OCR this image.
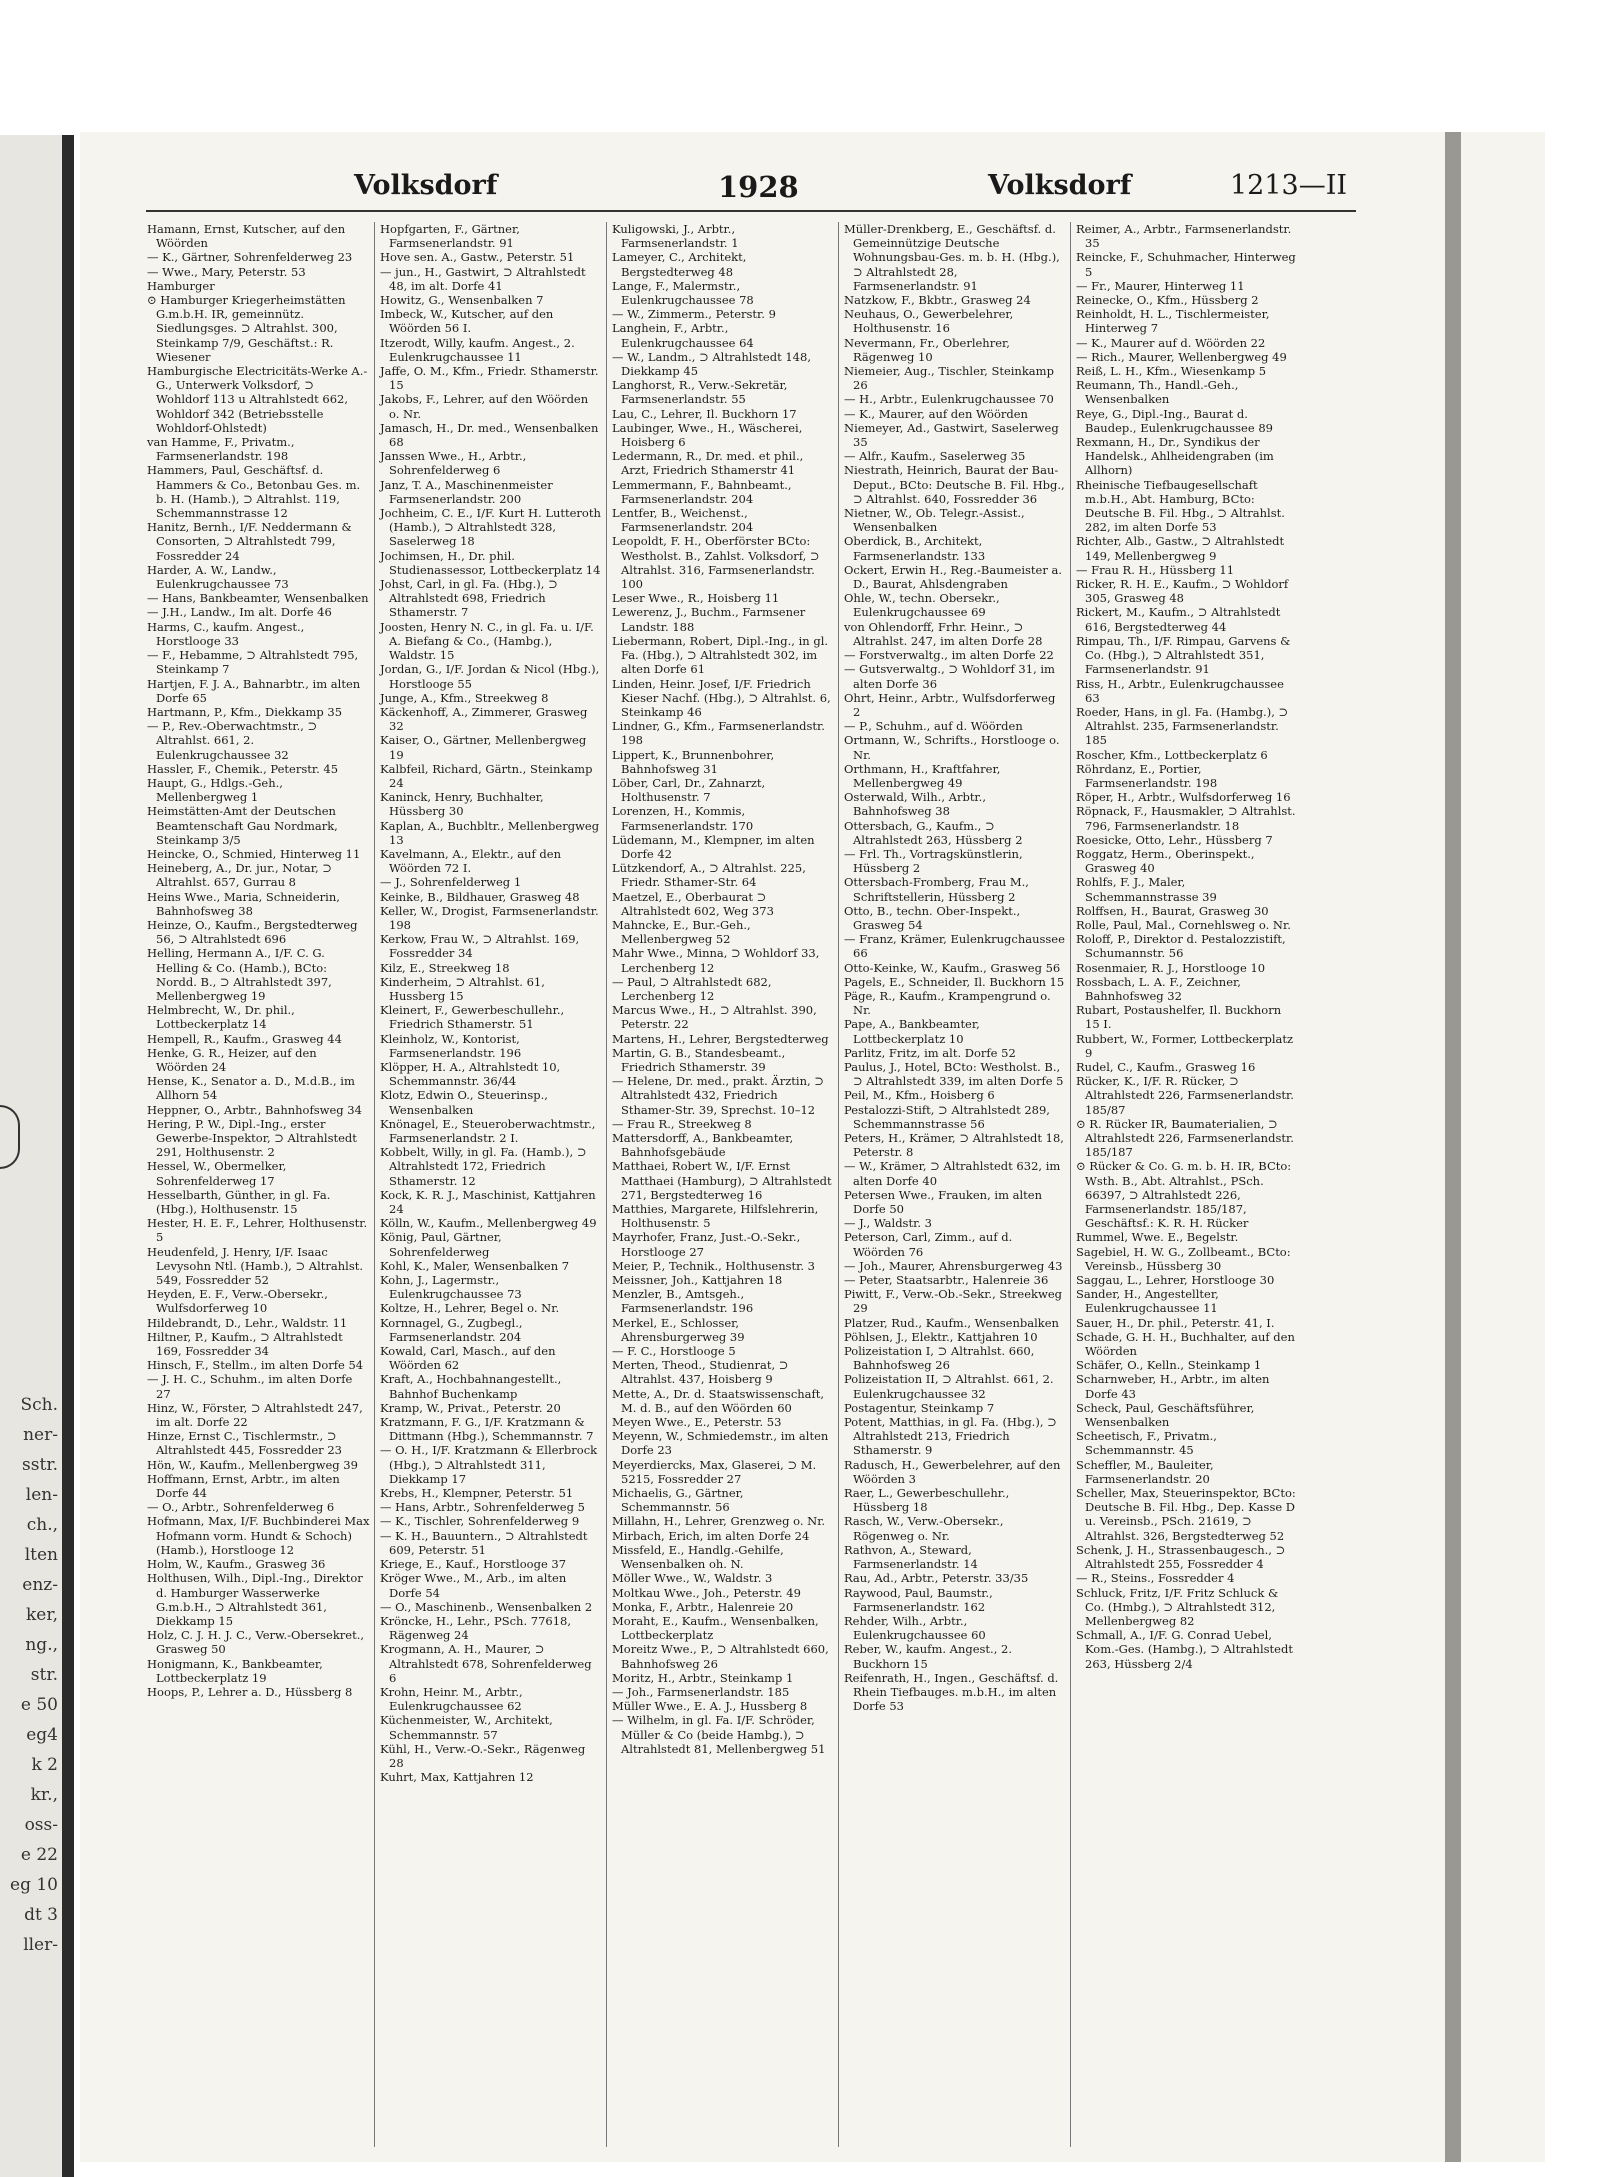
Sch.
ner-
sstr.
len-
ch.,
lten
enz-
ker,
ng.,
str.
e 50
eg4
k 2
kr.,
oss-
e 22
eg 10
dt 3
ller-
Volksdorf	1928	Volksdorf	1213—II

Hamann, Ernst, Kutscher, auf den Wöörden

— K., Gärtner, Sohrenfelderweg 23

— Wwe., Mary, Peterstr. 53

Hamburger

⊙ Hamburger Kriegerheimstätten G.m.b.H. IR, gemeinnütz. Siedlungsges. ⊃ Altrahlst. 300, Steinkamp 7/9, Geschäftst.: R. Wiesener

Hamburgische Electricitäts-Werke A.-G., Unterwerk Volksdorf, ⊃ Wohldorf 113 u Altrahlstedt 662, Wohldorf 342 (Betriebsstelle Wohldorf-Ohlstedt)

van Hamme, F., Privatm., Farmsenerlandstr. 198

Hammers, Paul, Geschäftsf. d. Hammers & Co., Betonbau Ges. m. b. H. (Hamb.), ⊃ Altrahlst. 119, Schemmannstrasse 12

Hanitz, Bernh., I/F. Neddermann & Consorten, ⊃ Altrahlstedt 799, Fossredder 24

Harder, A. W., Landw., Eulenkrugchaussee 73

— Hans, Bankbeamter, Wensenbalken

— J.H., Landw., Im alt. Dorfe 46

Harms, C., kaufm. Angest., Horstlooge 33

— F., Hebamme, ⊃ Altrahlstedt 795, Steinkamp 7

Hartjen, F. J. A., Bahnarbtr., im alten Dorfe 65

Hartmann, P., Kfm., Diekkamp 35

— P., Rev.-Oberwachtmstr., ⊃ Altrahlst. 661, 2. Eulenkrugchaussee 32

Hassler, F., Chemik., Peterstr. 45

Haupt, G., Hdlgs.-Geh., Mellenbergweg 1

Heimstätten-Amt der Deutschen Beamtenschaft Gau Nordmark, Steinkamp 3/5

Heincke, O., Schmied, Hinterweg 11

Heineberg, A., Dr. jur., Notar, ⊃ Altrahlst. 657, Gurrau 8

Heins Wwe., Maria, Schneiderin, Bahnhofsweg 38

Heinze, O., Kaufm., Bergstedterweg 56, ⊃ Altrahlstedt 696

Helling, Hermann A., I/F. C. G. Helling & Co. (Hamb.), BCto: Nordd. B., ⊃ Altrahlstedt 397, Mellenbergweg 19

Helmbrecht, W., Dr. phil., Lottbeckerplatz 14

Hempell, R., Kaufm., Grasweg 44

Henke, G. R., Heizer, auf den Wöörden 24

Hense, K., Senator a. D., M.d.B., im Allhorn 54

Heppner, O., Arbtr., Bahnhofsweg 34

Hering, P. W., Dipl.-Ing., erster Gewerbe-Inspektor, ⊃ Altrahlstedt 291, Holthusenstr. 2

Hessel, W., Obermelker, Sohrenfelderweg 17

Hesselbarth, Günther, in gl. Fa. (Hbg.), Holthusenstr. 15

Hester, H. E. F., Lehrer, Holthusenstr. 5

Heudenfeld, J. Henry, I/F. Isaac Levysohn Ntl. (Hamb.), ⊃ Altrahlst. 549, Fossredder 52

Heyden, E. F., Verw.-Obersekr., Wulfsdorferweg 10

Hildebrandt, D., Lehr., Waldstr. 11

Hiltner, P., Kaufm., ⊃ Altrahlstedt 169, Fossredder 34

Hinsch, F., Stellm., im alten Dorfe 54

— J. H. C., Schuhm., im alten Dorfe 27

Hinz, W., Förster, ⊃ Altrahlstedt 247, im alt. Dorfe 22

Hinze, Ernst C., Tischlermstr., ⊃ Altrahlstedt 445, Fossredder 23

Hön, W., Kaufm., Mellenbergweg 39

Hoffmann, Ernst, Arbtr., im alten Dorfe 44

— O., Arbtr., Sohrenfelderweg 6

Hofmann, Max, I/F. Buchbinderei Max Hofmann vorm. Hundt & Schoch) (Hamb.), Horstlooge 12

Holm, W., Kaufm., Grasweg 36

Holthusen, Wilh., Dipl.-Ing., Direktor d. Hamburger Wasserwerke G.m.b.H., ⊃ Altrahlstedt 361, Diekkamp 15

Holz, C. J. H. J. C., Verw.-Obersekret., Grasweg 50

Honigmann, K., Bankbeamter, Lottbeckerplatz 19

Hoops, P., Lehrer a. D., Hüssberg 8

Hopfgarten, F., Gärtner, Farmsenerlandstr. 91

Hove sen. A., Gastw., Peterstr. 51

— jun., H., Gastwirt, ⊃ Altrahlstedt 48, im alt. Dorfe 41

Howitz, G., Wensenbalken 7

Imbeck, W., Kutscher, auf den Wöörden 56 I.

Itzerodt, Willy, kaufm. Angest., 2. Eulenkrugchaussee 11

Jaffe, O. M., Kfm., Friedr. Sthamerstr. 15

Jakobs, F., Lehrer, auf den Wöörden o. Nr.

Jamasch, H., Dr. med., Wensenbalken 68

Janssen Wwe., H., Arbtr., Sohrenfelderweg 6

Janz, T. A., Maschinenmeister Farmsenerlandstr. 200

Jochheim, C. E., I/F. Kurt H. Lutteroth (Hamb.), ⊃ Altrahlstedt 328, Saselerweg 18

Jochimsen, H., Dr. phil. Studienassessor, Lottbeckerplatz 14

Johst, Carl, in gl. Fa. (Hbg.), ⊃ Altrahlstedt 698, Friedrich Sthamerstr. 7

Joosten, Henry N. C., in gl. Fa. u. I/F. A. Biefang & Co., (Hambg.), Waldstr. 15

Jordan, G., I/F. Jordan & Nicol (Hbg.), Horstlooge 55

Junge, A., Kfm., Streekweg 8

Käckenhoff, A., Zimmerer, Grasweg 32

Kaiser, O., Gärtner, Mellenbergweg 19

Kalbfeil, Richard, Gärtn., Steinkamp 24

Kaninck, Henry, Buchhalter, Hüssberg 30

Kaplan, A., Buchbltr., Mellenbergweg 13

Kavelmann, A., Elektr., auf den Wöörden 72 I.

— J., Sohrenfelderweg 1

Keinke, B., Bildhauer, Grasweg 48

Keller, W., Drogist, Farmsenerlandstr. 198

Kerkow, Frau W., ⊃ Altrahlst. 169, Fossredder 34

Kilz, E., Streekweg 18

Kinderheim, ⊃ Altrahlst. 61, Hussberg 15

Kleinert, F., Gewerbeschullehr., Friedrich Sthamerstr. 51

Kleinholz, W., Kontorist, Farmsenerlandstr. 196

Klöpper, H. A., Altrahlstedt 10, Schemmannstr. 36/44

Klotz, Edwin O., Steuerinsp., Wensenbalken

Knönagel, E., Steueroberwachtmstr., Farmsenerlandstr. 2 I.

Kobbelt, Willy, in gl. Fa. (Hamb.), ⊃ Altrahlstedt 172, Friedrich Sthamerstr. 12

Kock, K. R. J., Maschinist, Kattjahren 24

Kölln, W., Kaufm., Mellenbergweg 49

König, Paul, Gärtner, Sohrenfelderweg

Kohl, K., Maler, Wensenbalken 7

Kohn, J., Lagermstr., Eulenkrugchaussee 73

Koltze, H., Lehrer, Begel o. Nr.

Kornnagel, G., Zugbegl., Farmsenerlandstr. 204

Kowald, Carl, Masch., auf den Wöörden 62

Kraft, A., Hochbahnangestellt., Bahnhof Buchenkamp

Kramp, W., Privat., Peterstr. 20

Kratzmann, F. G., I/F. Kratzmann & Dittmann (Hbg.), Schemmannstr. 7

— O. H., I/F. Kratzmann & Ellerbrock (Hbg.), ⊃ Altrahlstedt 311, Diekkamp 17

Krebs, H., Klempner, Peterstr. 51

— Hans, Arbtr., Sohrenfelderweg 5

— K., Tischler, Sohrenfelderweg 9

— K. H., Bauuntern., ⊃ Altrahlstedt 609, Peterstr. 51

Kriege, E., Kauf., Horstlooge 37

Kröger Wwe., M., Arb., im alten Dorfe 54

— O., Maschinenb., Wensenbalken 2

Kröncke, H., Lehr., PSch. 77618, Rägenweg 24

Krogmann, A. H., Maurer, ⊃ Altrahlstedt 678, Sohrenfelderweg 6

Krohn, Heinr. M., Arbtr., Eulenkrugchaussee 62

Küchenmeister, W., Architekt, Schemmannstr. 57

Kühl, H., Verw.-O.-Sekr., Rägenweg 28

Kuhrt, Max, Kattjahren 12

Kuligowski, J., Arbtr., Farmsenerlandstr. 1

Lameyer, C., Architekt, Bergstedterweg 48

Lange, F., Malermstr., Eulenkrugchaussee 78

— W., Zimmerm., Peterstr. 9

Langhein, F., Arbtr., Eulenkrugchaussee 64

— W., Landm., ⊃ Altrahlstedt 148, Diekkamp 45

Langhorst, R., Verw.-Sekretär, Farmsenerlandstr. 55

Lau, C., Lehrer, Il. Buckhorn 17

Laubinger, Wwe., H., Wäscherei, Hoisberg 6

Ledermann, R., Dr. med. et phil., Arzt, Friedrich Sthamerstr 41

Lemmermann, F., Bahnbeamt., Farmsenerlandstr. 204

Lentfer, B., Weichenst., Farmsenerlandstr. 204

Leopoldt, F. H., Oberförster BCto: Westholst. B., Zahlst. Volksdorf, ⊃ Altrahlst. 316, Farmsenerlandstr. 100

Leser Wwe., R., Hoisberg 11

Lewerenz, J., Buchm., Farmsener Landstr. 188

Liebermann, Robert, Dipl.-Ing., in gl. Fa. (Hbg.), ⊃ Altrahlstedt 302, im alten Dorfe 61

Linden, Heinr. Josef, I/F. Friedrich Kieser Nachf. (Hbg.), ⊃ Altrahlst. 6, Steinkamp 46

Lindner, G., Kfm., Farmsenerlandstr. 198

Lippert, K., Brunnenbohrer, Bahnhofsweg 31

Löber, Carl, Dr., Zahnarzt, Holthusenstr. 7

Lorenzen, H., Kommis, Farmsenerlandstr. 170

Lüdemann, M., Klempner, im alten Dorfe 42

Lützkendorf, A., ⊃ Altrahlst. 225, Friedr. Sthamer-Str. 64

Maetzel, E., Oberbaurat ⊃ Altrahlstedt 602, Weg 373

Mahncke, E., Bur.-Geh., Mellenbergweg 52

Mahr Wwe., Minna, ⊃ Wohldorf 33, Lerchenberg 12

— Paul, ⊃ Altrahlstedt 682, Lerchenberg 12

Marcus Wwe., H., ⊃ Altrahlst. 390, Peterstr. 22

Martens, H., Lehrer, Bergstedterweg

Martin, G. B., Standesbeamt., Friedrich Sthamerstr. 39

— Helene, Dr. med., prakt. Ärztin, ⊃ Altrahlstedt 432, Friedrich Sthamer-Str. 39, Sprechst. 10–12

— Frau R., Streekweg 8

Mattersdorff, A., Bankbeamter, Bahnhofsgebäude

Matthaei, Robert W., I/F. Ernst Matthaei (Hamburg), ⊃ Altrahlstedt 271, Bergstedterweg 16

Matthies, Margarete, Hilfslehrerin, Holthusenstr. 5

Mayrhofer, Franz, Just.-O.-Sekr., Horstlooge 27

Meier, P., Technik., Holthusenstr. 3

Meissner, Joh., Kattjahren 18

Menzler, B., Amtsgeh., Farmsenerlandstr. 196

Merkel, E., Schlosser, Ahrensburgerweg 39

— F. C., Horstlooge 5

Merten, Theod., Studienrat, ⊃ Altrahlst. 437, Hoisberg 9

Mette, A., Dr. d. Staatswissenschaft, M. d. B., auf den Wöörden 60

Meyen Wwe., E., Peterstr. 53

Meyenn, W., Schmiedemstr., im alten Dorfe 23

Meyerdiercks, Max, Glaserei, ⊃ M. 5215, Fossredder 27

Michaelis, G., Gärtner, Schemmannstr. 56

Millahn, H., Lehrer, Grenzweg o. Nr.

Mirbach, Erich, im alten Dorfe 24

Missfeld, E., Handlg.-Gehilfe, Wensenbalken oh. N.

Möller Wwe., W., Waldstr. 3

Moltkau Wwe., Joh., Peterstr. 49

Monka, F., Arbtr., Halenreie 20

Moraht, E., Kaufm., Wensenbalken, Lottbeckerplatz

Moreitz Wwe., P., ⊃ Altrahlstedt 660, Bahnhofsweg 26

Moritz, H., Arbtr., Steinkamp 1

— Joh., Farmsenerlandstr. 185

Müller Wwe., E. A. J., Hussberg 8

— Wilhelm, in gl. Fa. I/F. Schröder, Müller & Co (beide Hambg.), ⊃ Altrahlstedt 81, Mellenbergweg 51

Müller-Drenkberg, E., Geschäftsf. d. Gemeinnützige Deutsche Wohnungsbau-Ges. m. b. H. (Hbg.), ⊃ Altrahlstedt 28, Farmsenerlandstr. 91

Natzkow, F., Bkbtr., Grasweg 24

Neuhaus, O., Gewerbelehrer, Holthusenstr. 16

Nevermann, Fr., Oberlehrer, Rägenweg 10

Niemeier, Aug., Tischler, Steinkamp 26

— H., Arbtr., Eulenkrugchaussee 70

— K., Maurer, auf den Wöörden

Niemeyer, Ad., Gastwirt, Saselerweg 35

— Alfr., Kaufm., Saselerweg 35

Niestrath, Heinrich, Baurat der Bau-Deput., BCto: Deutsche B. Fil. Hbg., ⊃ Altrahlst. 640, Fossredder 36

Nietner, W., Ob. Telegr.-Assist., Wensenbalken

Oberdick, B., Architekt, Farmsenerlandstr. 133

Ockert, Erwin H., Reg.-Baumeister a. D., Baurat, Ahlsdengraben

Ohle, W., techn. Obersekr., Eulenkrugchaussee 69

von Ohlendorff, Frhr. Heinr., ⊃ Altrahlst. 247, im alten Dorfe 28

— Forstverwaltg., im alten Dorfe 22

— Gutsverwaltg., ⊃ Wohldorf 31, im alten Dorfe 36

Ohrt, Heinr., Arbtr., Wulfsdorferweg 2

— P., Schuhm., auf d. Wöörden

Ortmann, W., Schrifts., Horstlooge o. Nr.

Orthmann, H., Kraftfahrer, Mellenbergweg 49

Osterwald, Wilh., Arbtr., Bahnhofsweg 38

Ottersbach, G., Kaufm., ⊃ Altrahlstedt 263, Hüssberg 2

— Frl. Th., Vortragskünstlerin, Hüssberg 2

Ottersbach-Fromberg, Frau M., Schriftstellerin, Hüssberg 2

Otto, B., techn. Ober-Inspekt., Grasweg 54

— Franz, Krämer, Eulenkrugchaussee 66

Otto-Keinke, W., Kaufm., Grasweg 56

Pagels, E., Schneider, Il. Buckhorn 15

Päge, R., Kaufm., Krampengrund o. Nr.

Pape, A., Bankbeamter, Lottbeckerplatz 10

Parlitz, Fritz, im alt. Dorfe 52

Paulus, J., Hotel, BCto: Westholst. B., ⊃ Altrahlstedt 339, im alten Dorfe 5

Peil, M., Kfm., Hoisberg 6

Pestalozzi-Stift, ⊃ Altrahlstedt 289, Schemmannstrasse 56

Peters, H., Krämer, ⊃ Altrahlstedt 18, Peterstr. 8

— W., Krämer, ⊃ Altrahlstedt 632, im alten Dorfe 40

Petersen Wwe., Frauken, im alten Dorfe 50

— J., Waldstr. 3

Peterson, Carl, Zimm., auf d. Wöörden 76

— Joh., Maurer, Ahrensburgerweg 43

— Peter, Staatsarbtr., Halenreie 36

Piwitt, F., Verw.-Ob.-Sekr., Streekweg 29

Platzer, Rud., Kaufm., Wensenbalken

Pöhlsen, J., Elektr., Kattjahren 10

Polizeistation I, ⊃ Altrahlst. 660, Bahnhofsweg 26

Polizeistation II, ⊃ Altrahlst. 661, 2. Eulenkrugchaussee 32

Postagentur, Steinkamp 7

Potent, Matthias, in gl. Fa. (Hbg.), ⊃ Altrahlstedt 213, Friedrich Sthamerstr. 9

Radusch, H., Gewerbelehrer, auf den Wöörden 3

Raer, L., Gewerbeschullehr., Hüssberg 18

Rasch, W., Verw.-Obersekr., Rögenweg o. Nr.

Rathvon, A., Steward, Farmsenerlandstr. 14

Rau, Ad., Arbtr., Peterstr. 33/35

Raywood, Paul, Baumstr., Farmsenerlandstr. 162

Rehder, Wilh., Arbtr., Eulenkrugchaussee 60

Reber, W., kaufm. Angest., 2. Buckhorn 15

Reifenrath, H., Ingen., Geschäftsf. d. Rhein Tiefbauges. m.b.H., im alten Dorfe 53

Reimer, A., Arbtr., Farmsenerlandstr. 35

Reincke, F., Schuhmacher, Hinterweg 5

— Fr., Maurer, Hinterweg 11

Reinecke, O., Kfm., Hüssberg 2

Reinholdt, H. L., Tischlermeister, Hinterweg 7

— K., Maurer auf d. Wöörden 22

— Rich., Maurer, Wellenbergweg 49

Reiß, L. H., Kfm., Wiesenkamp 5

Reumann, Th., Handl.-Geh., Wensenbalken

Reye, G., Dipl.-Ing., Baurat d. Baudep., Eulenkrugchaussee 89

Rexmann, H., Dr., Syndikus der Handelsk., Ahlheidengraben (im Allhorn)

Rheinische Tiefbaugesellschaft m.b.H., Abt. Hamburg, BCto: Deutsche B. Fil. Hbg., ⊃ Altrahlst. 282, im alten Dorfe 53

Richter, Alb., Gastw., ⊃ Altrahlstedt 149, Mellenbergweg 9

— Frau R. H., Hüssberg 11

Ricker, R. H. E., Kaufm., ⊃ Wohldorf 305, Grasweg 48

Rickert, M., Kaufm., ⊃ Altrahlstedt 616, Bergstedterweg 44

Rimpau, Th., I/F. Rimpau, Garvens & Co. (Hbg.), ⊃ Altrahlstedt 351, Farmsenerlandstr. 91

Riss, H., Arbtr., Eulenkrugchaussee 63

Roeder, Hans, in gl. Fa. (Hambg.), ⊃ Altrahlst. 235, Farmsenerlandstr. 185

Roscher, Kfm., Lottbeckerplatz 6

Röhrdanz, E., Portier, Farmsenerlandstr. 198

Röper, H., Arbtr., Wulfsdorferweg 16

Röpnack, F., Hausmakler, ⊃ Altrahlst. 796, Farmsenerlandstr. 18

Roesicke, Otto, Lehr., Hüssberg 7

Roggatz, Herm., Oberinspekt., Grasweg 40

Rohlfs, F. J., Maler, Schemmannstrasse 39

Rolffsen, H., Baurat, Grasweg 30

Rolle, Paul, Mal., Cornehlsweg o. Nr.

Roloff, P., Direktor d. Pestalozzistift, Schumannstr. 56

Rosenmaier, R. J., Horstlooge 10

Rossbach, L. A. F., Zeichner, Bahnhofsweg 32

Rubart, Postaushelfer, Il. Buckhorn 15 I.

Rubbert, W., Former, Lottbeckerplatz 9

Rudel, C., Kaufm., Grasweg 16

Rücker, K., I/F. R. Rücker, ⊃ Altrahlstedt 226, Farmsenerlandstr. 185/87

⊙ R. Rücker IR, Baumaterialien, ⊃ Altrahlstedt 226, Farmsenerlandstr. 185/187

⊙ Rücker & Co. G. m. b. H. IR, BCto: Wsth. B., Abt. Altrahlst., PSch. 66397, ⊃ Altrahlstedt 226, Farmsenerlandstr. 185/187, Geschäftsf.: K. R. H. Rücker

Rummel, Wwe. E., Begelstr.

Sagebiel, H. W. G., Zollbeamt., BCto: Vereinsb., Hüssberg 30

Saggau, L., Lehrer, Horstlooge 30

Sander, H., Angestellter, Eulenkrugchaussee 11

Sauer, H., Dr. phil., Peterstr. 41, I.

Schade, G. H. H., Buchhalter, auf den Wöörden

Schäfer, O., Kelln., Steinkamp 1

Scharnweber, H., Arbtr., im alten Dorfe 43

Scheck, Paul, Geschäftsführer, Wensenbalken

Scheetisch, F., Privatm., Schemmannstr. 45

Scheffler, M., Bauleiter, Farmsenerlandstr. 20

Scheller, Max, Steuerinspektor, BCto: Deutsche B. Fil. Hbg., Dep. Kasse D u. Vereinsb., PSch. 21619, ⊃ Altrahlst. 326, Bergstedterweg 52

Schenk, J. H., Strassenbaugesch., ⊃ Altrahlstedt 255, Fossredder 4

— R., Steins., Fossredder 4

Schluck, Fritz, I/F. Fritz Schluck & Co. (Hmbg.), ⊃ Altrahlstedt 312, Mellenbergweg 82

Schmall, A., I/F. G. Conrad Uebel, Kom.-Ges. (Hambg.), ⊃ Altrahlstedt 263, Hüssberg 2/4
